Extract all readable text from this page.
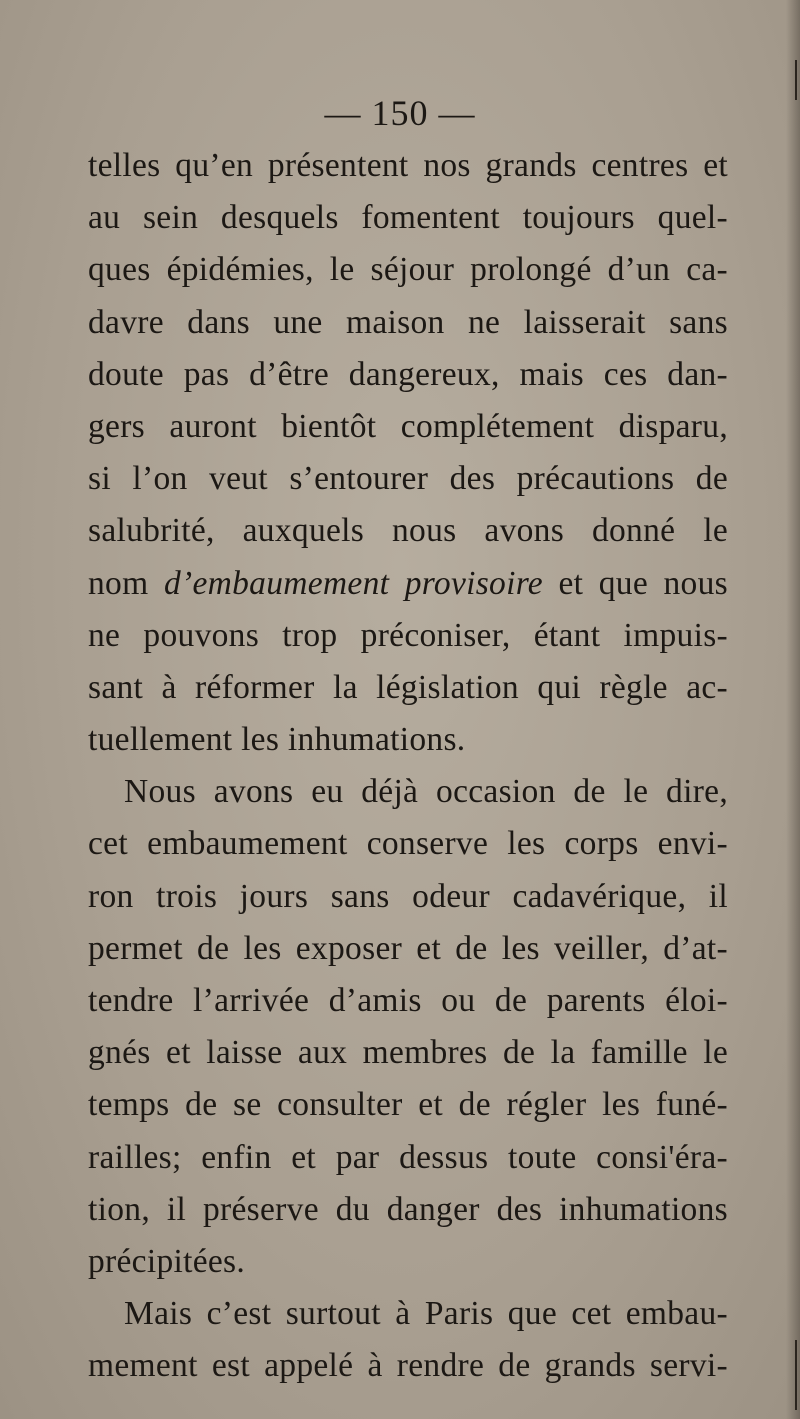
— 150 —
telles qu’en présentent nos grands centres et
au sein desquels fomentent toujours quel-
ques épidémies, le séjour prolongé d’un ca-
davre dans une maison ne laisserait sans
doute pas d’être dangereux, mais ces dan-
gers auront bientôt complétement disparu,
si l’on veut s’entourer des précautions de
salubrité, auxquels nous avons donné le
nom d’embaumement provisoire et que nous
ne pouvons trop préconiser, étant impuis-
sant à réformer la législation qui règle ac-
tuellement les inhumations.
Nous avons eu déjà occasion de le dire,
cet embaumement conserve les corps envi-
ron trois jours sans odeur cadavérique, il
permet de les exposer et de les veiller, d’at-
tendre l’arrivée d’amis ou de parents éloi-
gnés et laisse aux membres de la famille le
temps de se consulter et de régler les funé-
railles; enfin et par dessus toute consi'éra-
tion, il préserve du danger des inhumations
précipitées.
Mais c’est surtout à Paris que cet embau-
mement est appelé à rendre de grands servi-
